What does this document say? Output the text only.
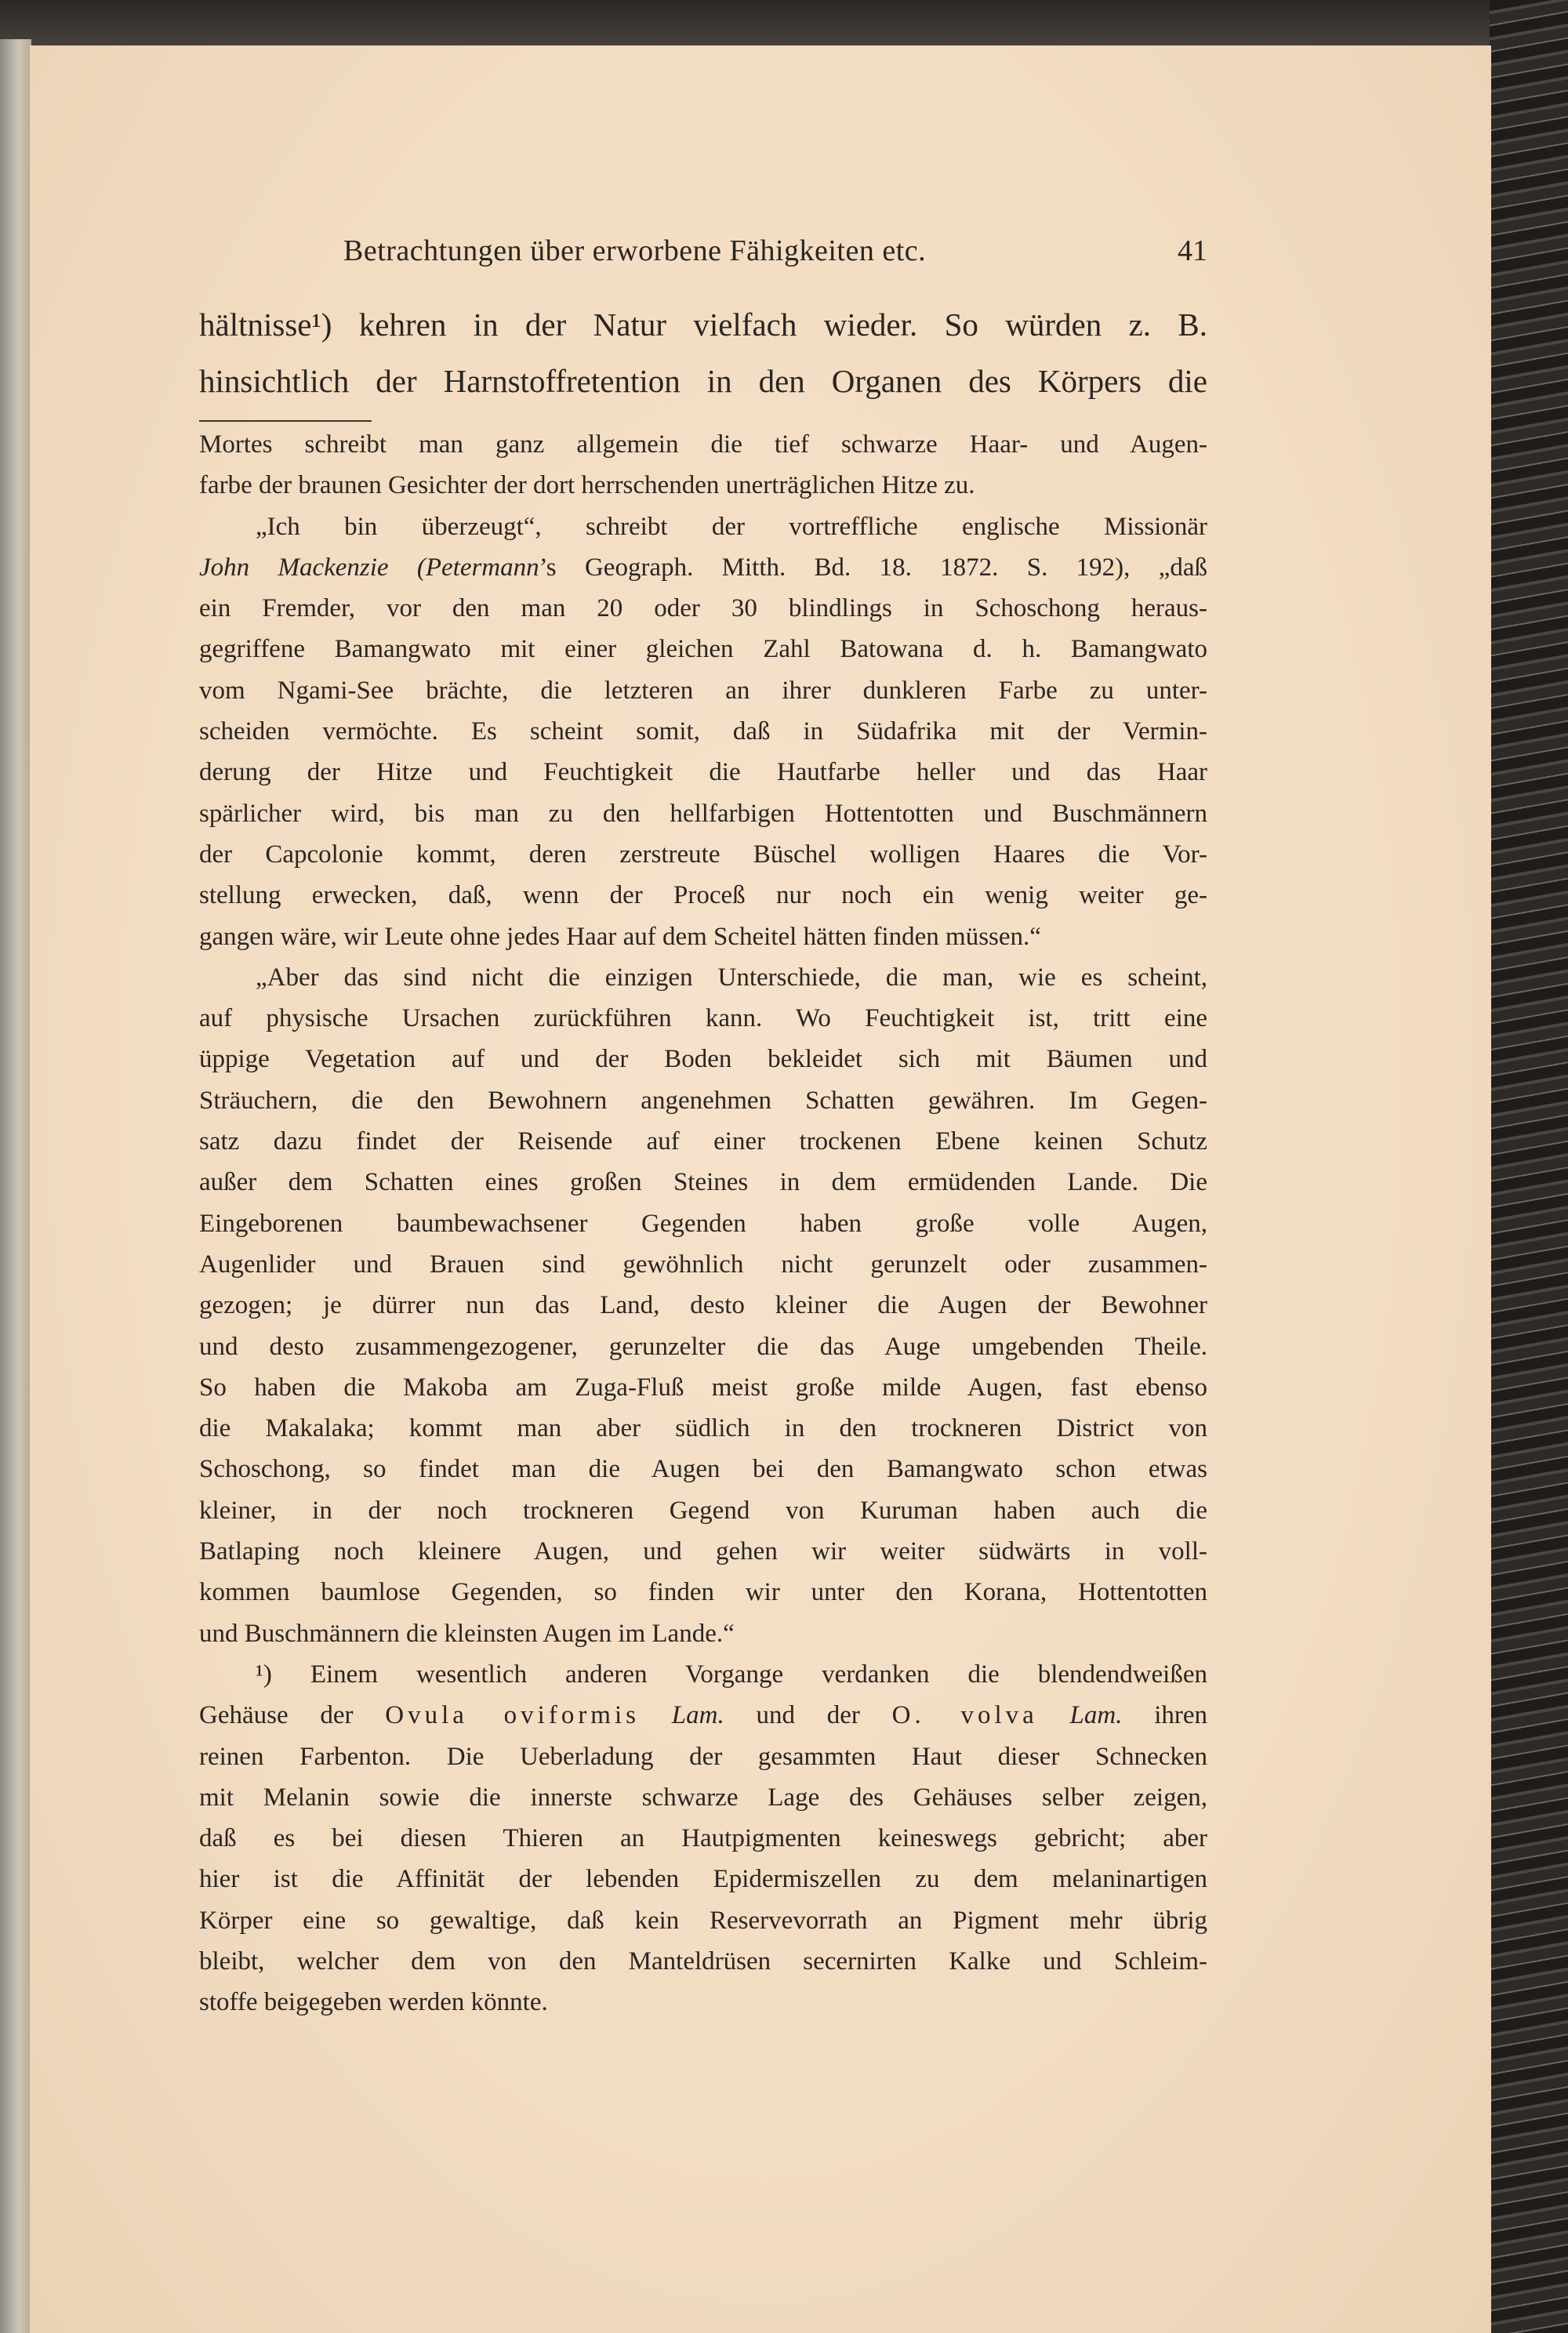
Betrachtungen über erworbene Fähigkeiten etc.	41
hältnisse¹) kehren in der Natur vielfach wieder. So würden z. B.
hinsichtlich der Harnstoffretention in den Organen des Körpers die
Mortes schreibt man ganz allgemein die tief schwarze Haar- und Augen-
farbe der braunen Gesichter der dort herrschenden unerträglichen Hitze zu.
„Ich bin überzeugt“, schreibt der vortreffliche englische Missionär
John Mackenzie (Petermann’s Geograph. Mitth. Bd. 18. 1872. S. 192), „daß
ein Fremder, vor den man 20 oder 30 blindlings in Schoschong heraus-
gegriffene Bamangwato mit einer gleichen Zahl Batowana d. h. Bamangwato
vom Ngami-See brächte, die letzteren an ihrer dunkleren Farbe zu unter-
scheiden vermöchte. Es scheint somit, daß in Südafrika mit der Vermin-
derung der Hitze und Feuchtigkeit die Hautfarbe heller und das Haar
spärlicher wird, bis man zu den hellfarbigen Hottentotten und Buschmännern
der Capcolonie kommt, deren zerstreute Büschel wolligen Haares die Vor-
stellung erwecken, daß, wenn der Proceß nur noch ein wenig weiter ge-
gangen wäre, wir Leute ohne jedes Haar auf dem Scheitel hätten finden müssen.“
„Aber das sind nicht die einzigen Unterschiede, die man, wie es scheint,
auf physische Ursachen zurückführen kann. Wo Feuchtigkeit ist, tritt eine
üppige Vegetation auf und der Boden bekleidet sich mit Bäumen und
Sträuchern, die den Bewohnern angenehmen Schatten gewähren. Im Gegen-
satz dazu findet der Reisende auf einer trockenen Ebene keinen Schutz
außer dem Schatten eines großen Steines in dem ermüdenden Lande. Die
Eingeborenen baumbewachsener Gegenden haben große volle Augen,
Augenlider und Brauen sind gewöhnlich nicht gerunzelt oder zusammen-
gezogen; je dürrer nun das Land, desto kleiner die Augen der Bewohner
und desto zusammengezogener, gerunzelter die das Auge umgebenden Theile.
So haben die Makoba am Zuga-Fluß meist große milde Augen, fast ebenso
die Makalaka; kommt man aber südlich in den trockneren District von
Schoschong, so findet man die Augen bei den Bamangwato schon etwas
kleiner, in der noch trockneren Gegend von Kuruman haben auch die
Batlaping noch kleinere Augen, und gehen wir weiter südwärts in voll-
kommen baumlose Gegenden, so finden wir unter den Korana, Hottentotten
und Buschmännern die kleinsten Augen im Lande.“
¹) Einem wesentlich anderen Vorgange verdanken die blendendweißen
Gehäuse der Ovula oviformis Lam. und der O. volva Lam. ihren
reinen Farbenton. Die Ueberladung der gesammten Haut dieser Schnecken
mit Melanin sowie die innerste schwarze Lage des Gehäuses selber zeigen,
daß es bei diesen Thieren an Hautpigmenten keineswegs gebricht; aber
hier ist die Affinität der lebenden Epidermiszellen zu dem melaninartigen
Körper eine so gewaltige, daß kein Reservevorrath an Pigment mehr übrig
bleibt, welcher dem von den Manteldrüsen secernirten Kalke und Schleim-
stoffe beigegeben werden könnte.
